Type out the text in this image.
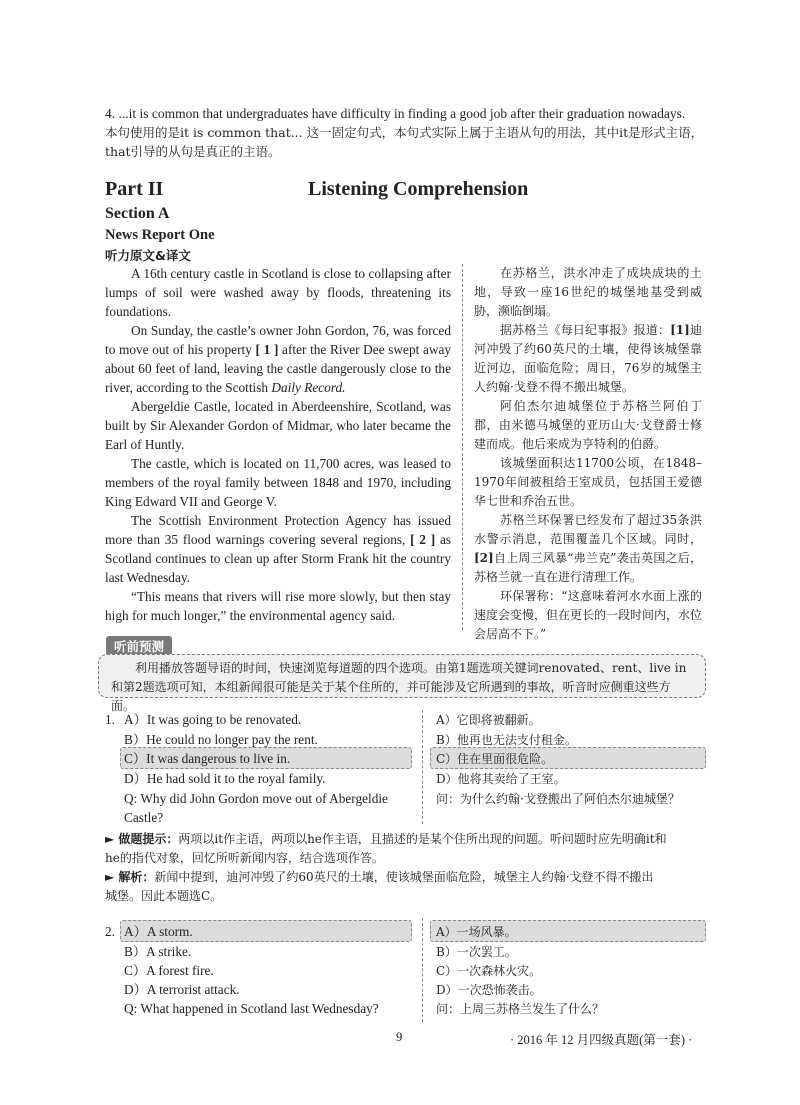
4. ...it is common that undergraduates have difficulty in finding a good job after their graduation nowadays.
本句使用的是it is common that... 这一固定句式，本句式实际上属于主语从句的用法，其中it是形式主语，
that引导的从句是真正的主语。
Part II	Listening Comprehension
Section A
News Report One
听力原文&译文

A 16th century castle in Scotland is close to collapsing after lumps of soil were washed away by floods, threatening its foundations.

On Sunday, the castle’s owner John Gordon, 76, was forced to move out of his property [ 1 ] after the River Dee swept away about 60 feet of land, leaving the castle dangerously close to the river, according to the Scottish Daily Record.

Abergeldie Castle, located in Aberdeenshire, Scotland, was built by Sir Alexander Gordon of Midmar, who later became the Earl of Huntly.

The castle, which is located on 11,700 acres, was leased to members of the royal family between 1848 and 1970, including King Edward VII and George V.

The Scottish Environment Protection Agency has issued more than 35 flood warnings covering several regions, [ 2 ] as Scotland continues to clean up after Storm Frank hit the country last Wednesday.

“This means that rivers will rise more slowly, but then stay high for much longer,” the environmental agency said.

在苏格兰，洪水冲走了成块成块的土地，导致一座16世纪的城堡地基受到威胁，濒临倒塌。

据苏格兰《每日纪事报》报道：[1]迪河冲毁了约60英尺的土壤，使得该城堡靠近河边，面临危险；周日，76岁的城堡主人约翰·戈登不得不搬出城堡。

阿伯杰尔迪城堡位于苏格兰阿伯丁郡，由米德马城堡的亚历山大·戈登爵士修建而成。他后来成为亨特利的伯爵。

该城堡面积达11700公顷，在1848–1970年间被租给王室成员，包括国王爱德华七世和乔治五世。

苏格兰环保署已经发布了超过35条洪水警示消息，范围覆盖几个区域。同时，[2]自上周三风暴“弗兰克”袭击英国之后，苏格兰就一直在进行清理工作。

环保署称：“这意味着河水水面上涨的速度会变慢，但在更长的一段时间内，水位会居高不下。”

听前预测

利用播放答题导语的时间，快速浏览每道题的四个选项。由第1题选项关键词renovated、rent、live in和第2题选项可知，本组新闻很可能是关于某个住所的，并可能涉及它所遇到的事故，听音时应侧重这些方面。

1. A）It was going to be renovated.
B）He could no longer pay the rent.
C）It was dangerous to live in.
D）He had sold it to the royal family.
Q: Why did John Gordon move out of Abergeldie
Castle?
A）它即将被翻新。
B）他再也无法支付租金。
C）住在里面很危险。
D）他将其卖给了王室。
问：为什么约翰·戈登搬出了阿伯杰尔迪城堡？
► 做题提示：两项以it作主语，两项以he作主语，且描述的是某个住所出现的问题。听问题时应先明确it和
he的指代对象，回忆所听新闻内容，结合选项作答。
► 解析：新闻中提到，迪河冲毁了约60英尺的土壤，使该城堡面临危险，城堡主人约翰·戈登不得不搬出
城堡。因此本题选C。
2. A）A storm.
B）A strike.
C）A forest fire.
D）A terrorist attack.
Q: What happened in Scotland last Wednesday?
A）一场风暴。
B）一次罢工。
C）一次森林火灾。
D）一次恐怖袭击。
问：上周三苏格兰发生了什么？
9	· 2016 年 12 月四级真题(第一套) ·
